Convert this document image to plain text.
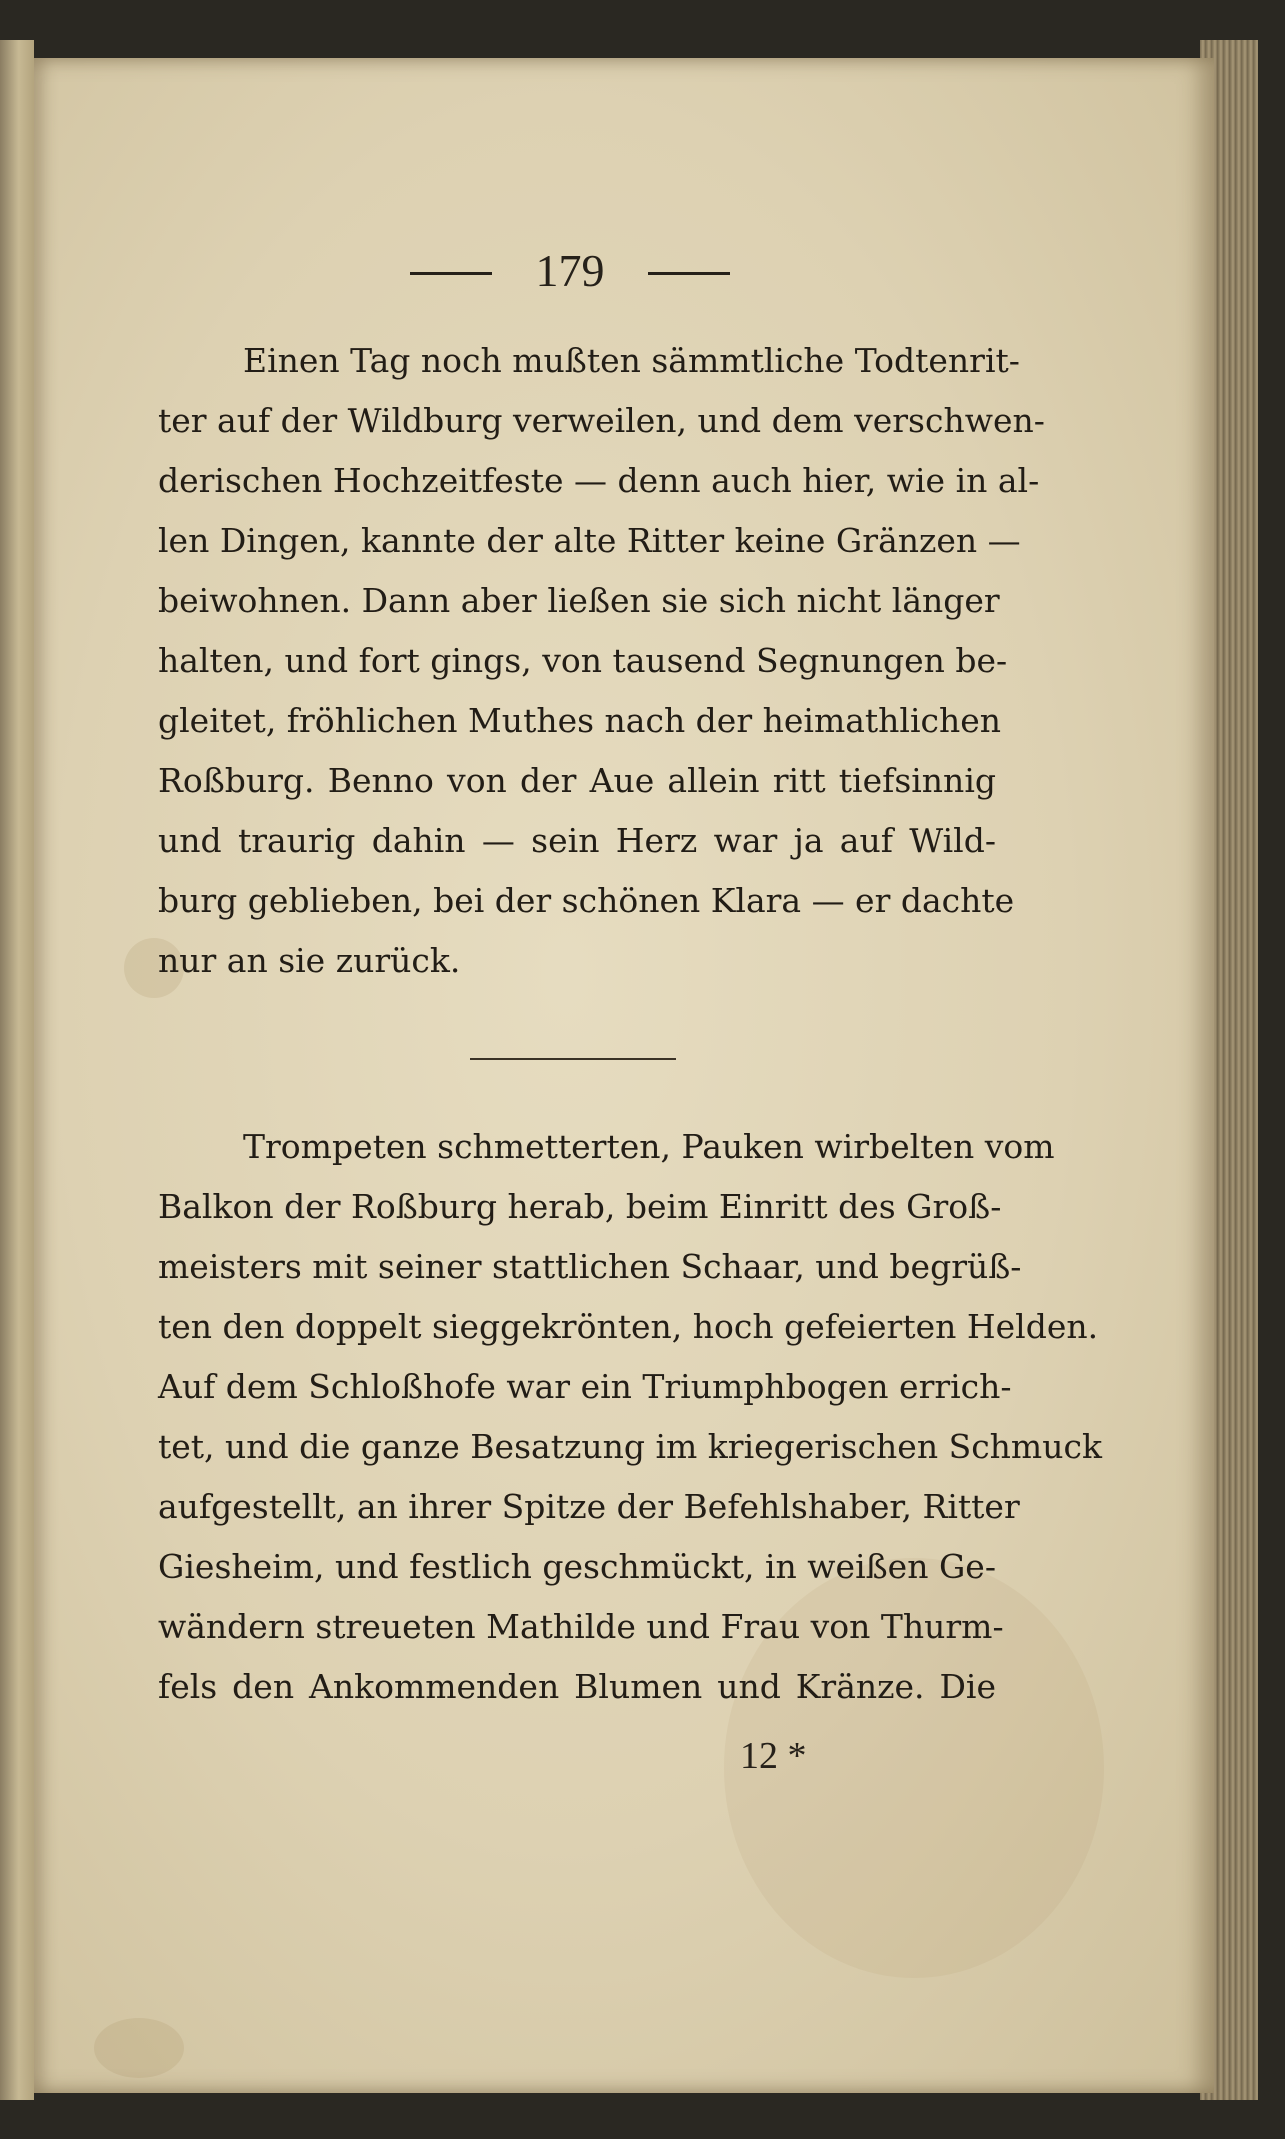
179
Einen Tag noch mußten sämmtliche Todtenrit-
ter auf der Wildburg verweilen, und dem verschwen-
derischen Hochzeitfeste — denn auch hier, wie in al-
len Dingen, kannte der alte Ritter keine Gränzen —
beiwohnen. Dann aber ließen sie sich nicht länger
halten, und fort gings, von tausend Segnungen be-
gleitet, fröhlichen Muthes nach der heimathlichen
Roßburg. Benno von der Aue allein ritt tiefsinnig
und traurig dahin — sein Herz war ja auf Wild-
burg geblieben, bei der schönen Klara — er dachte
nur an sie zurück.
Trompeten schmetterten, Pauken wirbelten vom
Balkon der Roßburg herab, beim Einritt des Groß-
meisters mit seiner stattlichen Schaar, und begrüß-
ten den doppelt sieggekrönten, hoch gefeierten Helden.
Auf dem Schloßhofe war ein Triumphbogen errich-
tet, und die ganze Besatzung im kriegerischen Schmuck
aufgestellt, an ihrer Spitze der Befehlshaber, Ritter
Giesheim, und festlich geschmückt, in weißen Ge-
wändern streueten Mathilde und Frau von Thurm-
fels den Ankommenden Blumen und Kränze. Die
12 *
